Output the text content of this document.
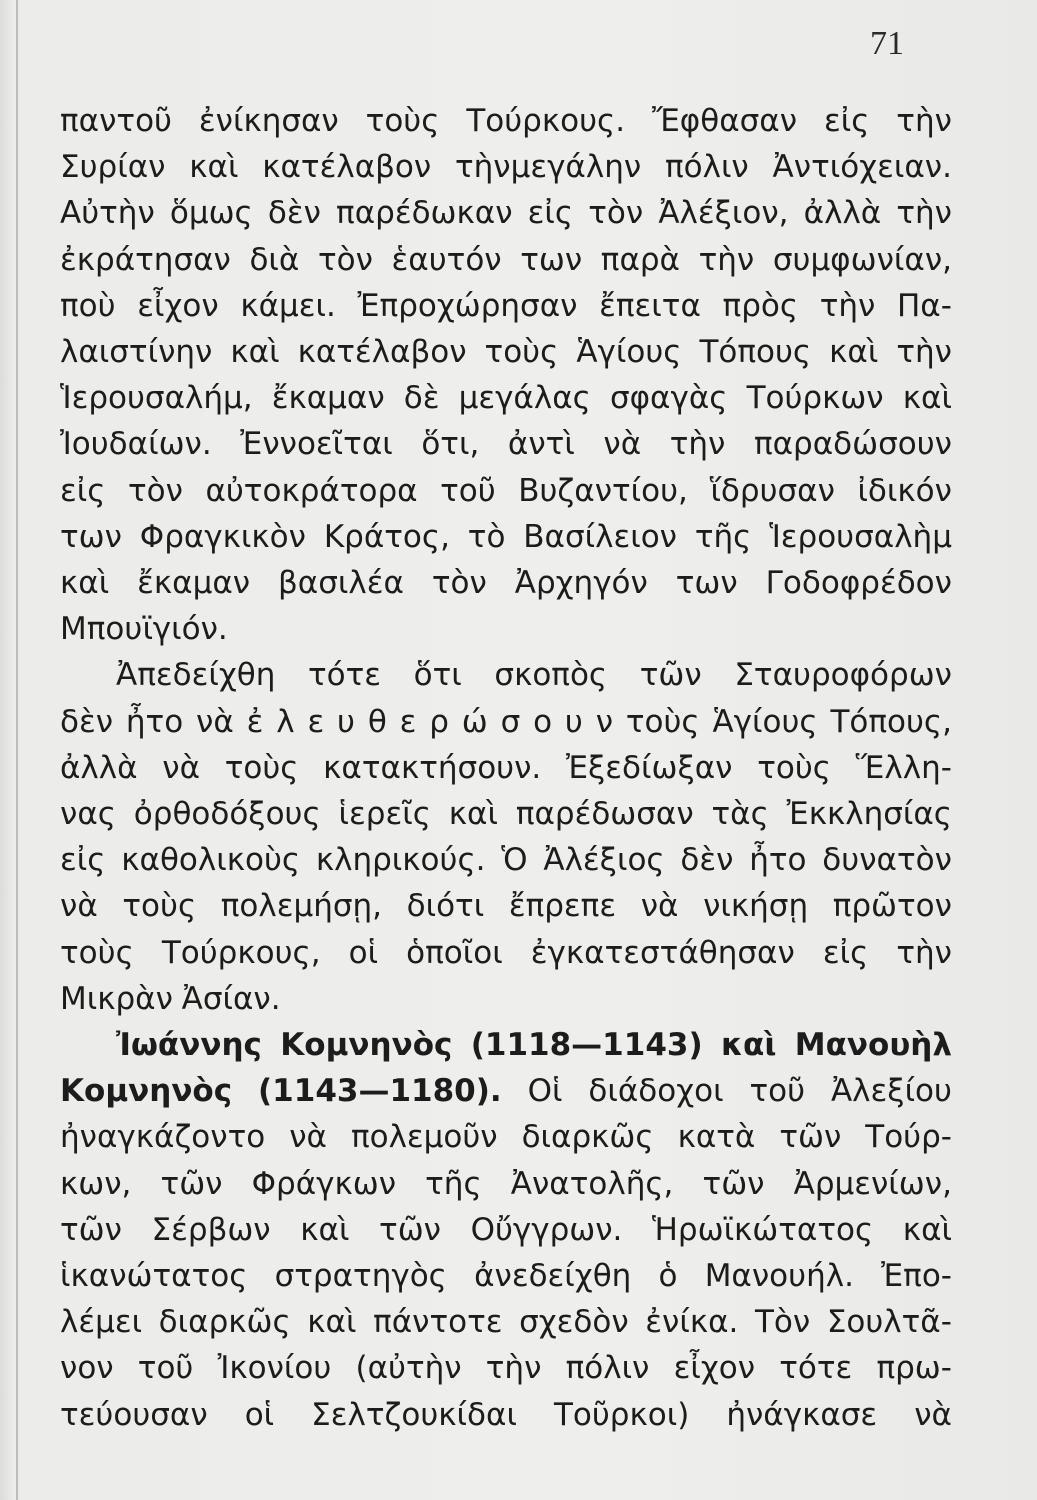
71
παντοῦ ἐνίκησαν τοὺς Τούρκους. Ἔφθασαν εἰς τὴν
Συρίαν καὶ κατέλαβον τὴνμεγάλην πόλιν Ἀντιόχειαν.
Αὐτὴν ὅμως δὲν παρέδωκαν εἰς τὸν Ἀλέξιον, ἀλλὰ τὴν
ἐκράτησαν διὰ τὸν ἑαυτόν των παρὰ τὴν συμφωνίαν,
ποὺ εἶχον κάμει. Ἐπροχώρησαν ἔπειτα πρὸς τὴν Πα-
λαιστίνην καὶ κατέλαβον τοὺς Ἁγίους Τόπους καὶ τὴν
Ἱερουσαλήμ, ἔκαμαν δὲ μεγάλας σφαγὰς Τούρκων καὶ
Ἰουδαίων. Ἐννοεῖται ὅτι, ἀντὶ νὰ τὴν παραδώσουν
εἰς τὸν αὐτοκράτορα τοῦ Βυζαντίου, ἵδρυσαν ἰδικόν
των Φραγκικὸν Κράτος, τὸ Βασίλειον τῆς Ἱερουσαλὴμ
καὶ ἔκαμαν βασιλέα τὸν Ἀρχηγόν των Γοδοφρέδον
Μπουϊγιόν.
Ἀπεδείχθη τότε ὅτι σκοπὸς τῶν Σταυροφόρων
δὲν ἦτο νὰ ἐ λ ε υ θ ε ρ ώ σ ο υ ν τοὺς Ἁγίους Τόπους,
ἀλλὰ νὰ τοὺς κατακτήσουν. Ἐξεδίωξαν τοὺς Ἕλλη-
νας ὀρθοδόξους ἱερεῖς καὶ παρέδωσαν τὰς Ἐκκλησίας
εἰς καθολικοὺς κληρικούς. Ὁ Ἀλέξιος δὲν ἦτο δυνατὸν
νὰ τοὺς πολεμήσῃ, διότι ἔπρεπε νὰ νικήσῃ πρῶτον
τοὺς Τούρκους, οἱ ὁποῖοι ἐγκατεστάθησαν εἰς τὴν
Μικρὰν Ἀσίαν.
Ἰωάννης Κομνηνὸς (1118—1143) καὶ Μανουὴλ
Κομνηνὸς (1143—1180). Οἱ διάδοχοι τοῦ Ἀλεξίου
ἠναγκάζοντο νὰ πολεμοῦν διαρκῶς κατὰ τῶν Τούρ-
κων, τῶν Φράγκων τῆς Ἀνατολῆς, τῶν Ἀρμενίων,
τῶν Σέρβων καὶ τῶν Οὔγγρων. Ἡρωϊκώτατος καὶ
ἱκανώτατος στρατηγὸς ἀνεδείχθη ὁ Μανουήλ. Ἐπο-
λέμει διαρκῶς καὶ πάντοτε σχεδὸν ἐνίκα. Τὸν Σουλτᾶ-
νον τοῦ Ἰκονίου (αὐτὴν τὴν πόλιν εἶχον τότε πρω-
τεύουσαν οἱ Σελτζουκίδαι Τοῦρκοι) ἠνάγκασε νὰ
